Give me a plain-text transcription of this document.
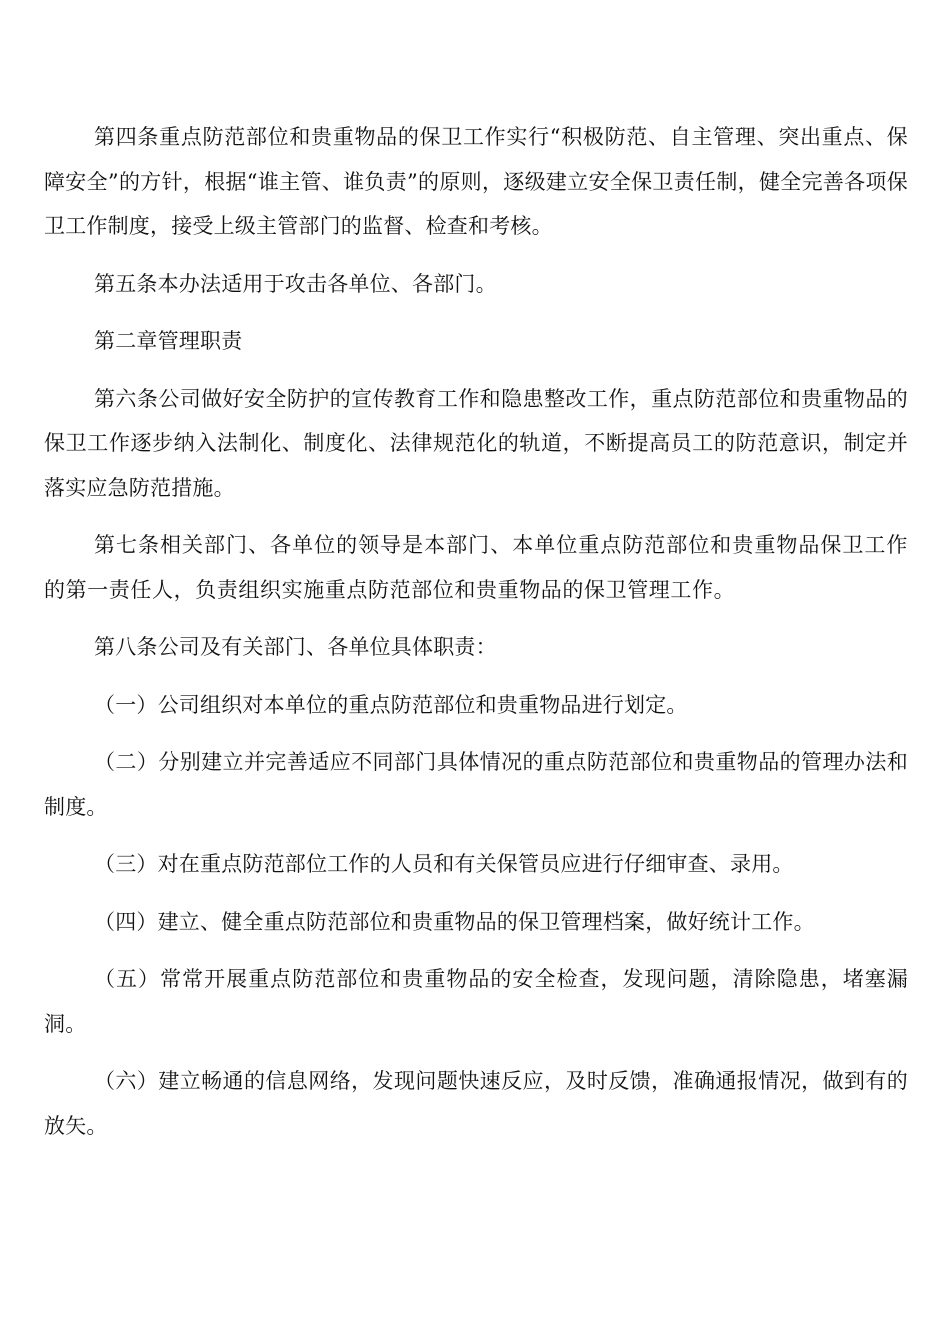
第四条重点防范部位和贵重物品的保卫工作实行“积极防范、自主管理、突出重点、保障安全”的方针，根据“谁主管、谁负责”的原则，逐级建立安全保卫责任制，健全完善各项保卫工作制度，接受上级主管部门的监督、检查和考核。

第五条本办法适用于攻击各单位、各部门。

第二章管理职责

第六条公司做好安全防护的宣传教育工作和隐患整改工作，重点防范部位和贵重物品的保卫工作逐步纳入法制化、制度化、法律规范化的轨道，不断提高员工的防范意识，制定并落实应急防范措施。

第七条相关部门、各单位的领导是本部门、本单位重点防范部位和贵重物品保卫工作的第一责任人，负责组织实施重点防范部位和贵重物品的保卫管理工作。

第八条公司及有关部门、各单位具体职责：

（一）公司组织对本单位的重点防范部位和贵重物品进行划定。

（二）分别建立并完善适应不同部门具体情况的重点防范部位和贵重物品的管理办法和制度。

（三）对在重点防范部位工作的人员和有关保管员应进行仔细审查、录用。

（四）建立、健全重点防范部位和贵重物品的保卫管理档案，做好统计工作。

（五）常常开展重点防范部位和贵重物品的安全检查，发现问题，清除隐患，堵塞漏洞。

（六）建立畅通的信息网络，发现问题快速反应，及时反馈，准确通报情况，做到有的放矢。
